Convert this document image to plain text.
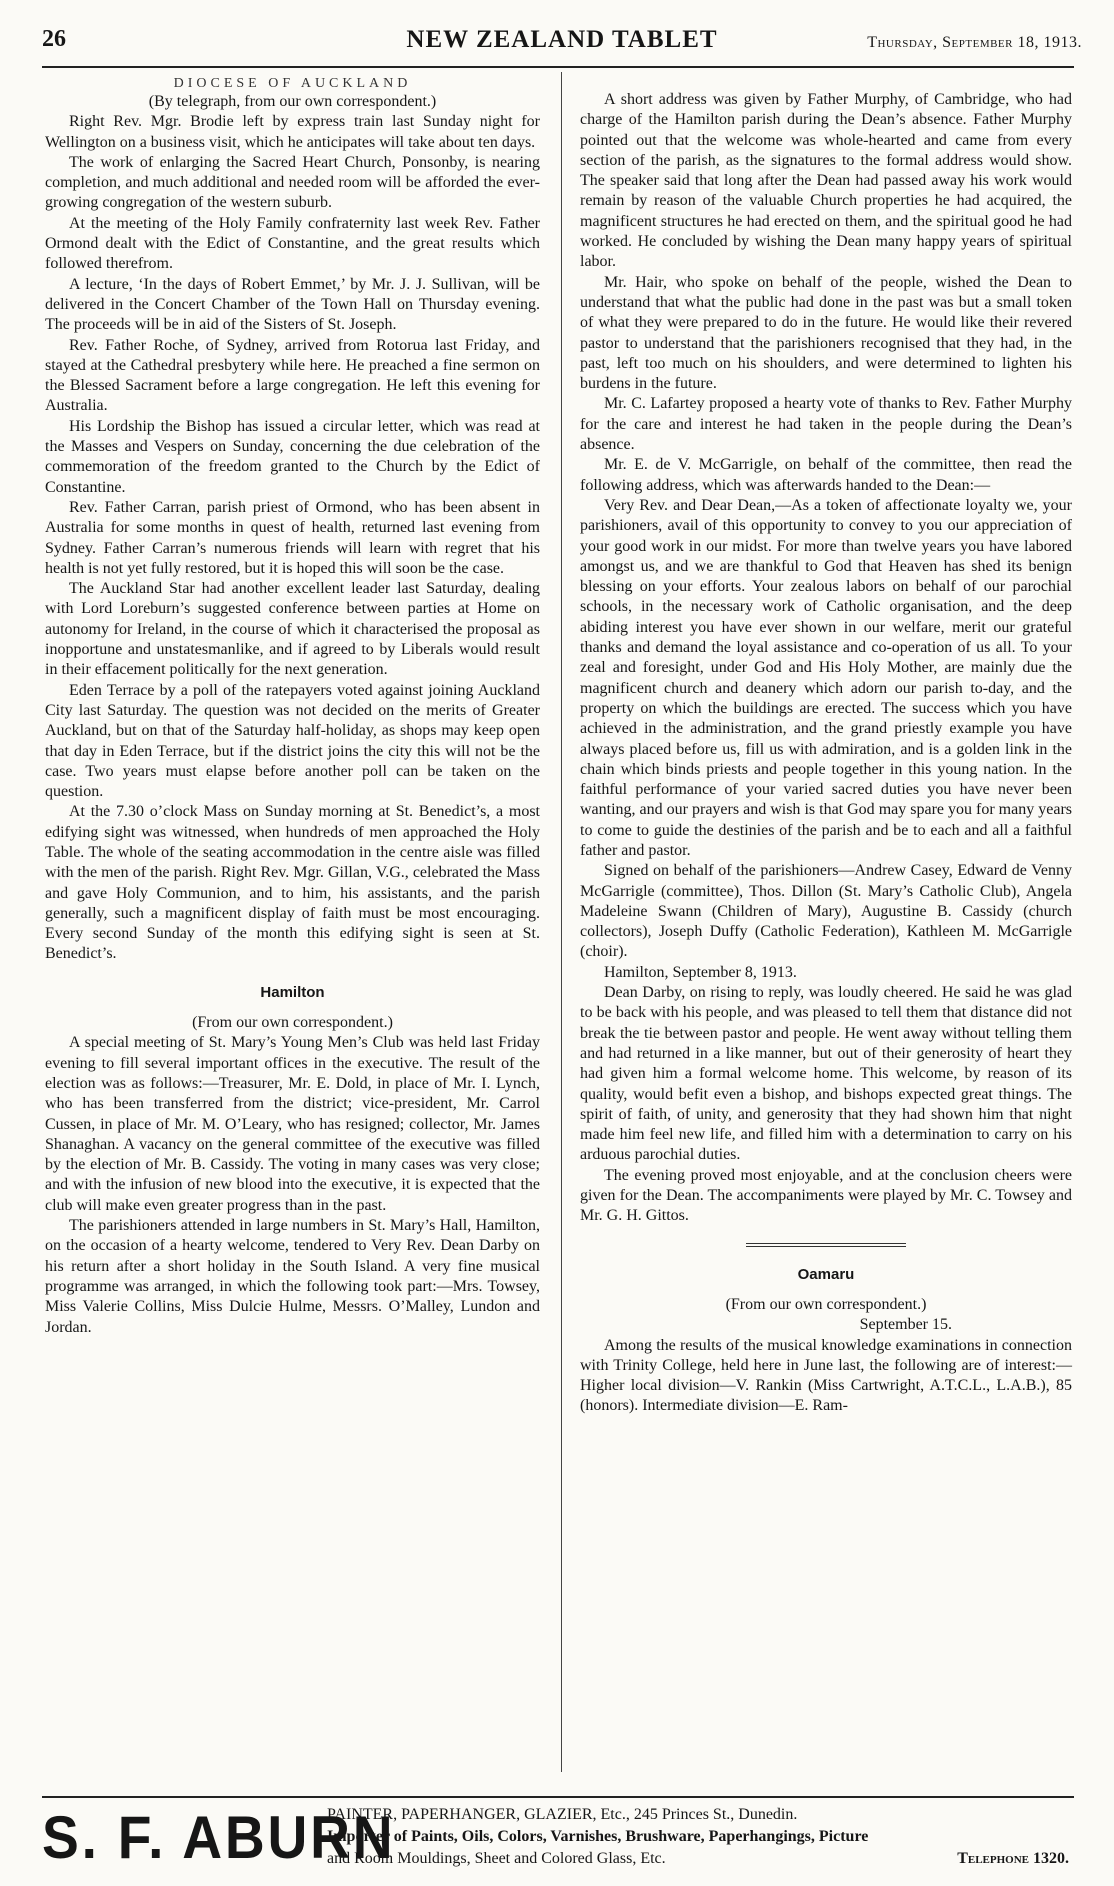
26	NEW ZEALAND TABLET	Thursday, September 18, 1913.
DIOCESE OF AUCKLAND

(By telegraph, from our own correspondent.)

Right Rev. Mgr. Brodie left by express train last Sunday night for Wellington on a business visit, which he anticipates will take about ten days.

The work of enlarging the Sacred Heart Church, Ponsonby, is nearing completion, and much additional and needed room will be afforded the ever-growing congregation of the western suburb.

At the meeting of the Holy Family confraternity last week Rev. Father Ormond dealt with the Edict of Constantine, and the great results which followed therefrom.

A lecture, ‘In the days of Robert Emmet,’ by Mr. J. J. Sullivan, will be delivered in the Concert Chamber of the Town Hall on Thursday evening. The proceeds will be in aid of the Sisters of St. Joseph.

Rev. Father Roche, of Sydney, arrived from Rotorua last Friday, and stayed at the Cathedral presbytery while here. He preached a fine sermon on the Blessed Sacrament before a large congregation. He left this evening for Australia.

His Lordship the Bishop has issued a circular letter, which was read at the Masses and Vespers on Sunday, concerning the due celebration of the commemoration of the freedom granted to the Church by the Edict of Constantine.

Rev. Father Carran, parish priest of Ormond, who has been absent in Australia for some months in quest of health, returned last evening from Sydney. Father Carran’s numerous friends will learn with regret that his health is not yet fully restored, but it is hoped this will soon be the case.

The Auckland Star had another excellent leader last Saturday, dealing with Lord Loreburn’s suggested conference between parties at Home on autonomy for Ireland, in the course of which it characterised the proposal as inopportune and unstatesmanlike, and if agreed to by Liberals would result in their effacement politically for the next generation.

Eden Terrace by a poll of the ratepayers voted against joining Auckland City last Saturday. The question was not decided on the merits of Greater Auckland, but on that of the Saturday half-holiday, as shops may keep open that day in Eden Terrace, but if the district joins the city this will not be the case. Two years must elapse before another poll can be taken on the question.

At the 7.30 o’clock Mass on Sunday morning at St. Benedict’s, a most edifying sight was witnessed, when hundreds of men approached the Holy Table. The whole of the seating accommodation in the centre aisle was filled with the men of the parish. Right Rev. Mgr. Gillan, V.G., celebrated the Mass and gave Holy Communion, and to him, his assistants, and the parish generally, such a magnificent display of faith must be most encouraging. Every second Sunday of the month this edifying sight is seen at St. Benedict’s.

Hamilton

(From our own correspondent.)

A special meeting of St. Mary’s Young Men’s Club was held last Friday evening to fill several important offices in the executive. The result of the election was as follows:—Treasurer, Mr. E. Dold, in place of Mr. I. Lynch, who has been transferred from the district; vice-president, Mr. Carrol Cussen, in place of Mr. M. O’Leary, who has resigned; collector, Mr. James Shanaghan. A vacancy on the general committee of the executive was filled by the election of Mr. B. Cassidy. The voting in many cases was very close; and with the infusion of new blood into the executive, it is expected that the club will make even greater progress than in the past.

The parishioners attended in large numbers in St. Mary’s Hall, Hamilton, on the occasion of a hearty welcome, tendered to Very Rev. Dean Darby on his return after a short holiday in the South Island. A very fine musical programme was arranged, in which the following took part:—Mrs. Towsey, Miss Valerie Collins, Miss Dulcie Hulme, Messrs. O’Malley, Lundon and Jordan.

A short address was given by Father Murphy, of Cambridge, who had charge of the Hamilton parish during the Dean’s absence. Father Murphy pointed out that the welcome was whole-hearted and came from every section of the parish, as the signatures to the formal address would show. The speaker said that long after the Dean had passed away his work would remain by reason of the valuable Church properties he had acquired, the magnificent structures he had erected on them, and the spiritual good he had worked. He concluded by wishing the Dean many happy years of spiritual labor.

Mr. Hair, who spoke on behalf of the people, wished the Dean to understand that what the public had done in the past was but a small token of what they were prepared to do in the future. He would like their revered pastor to understand that the parishioners recognised that they had, in the past, left too much on his shoulders, and were determined to lighten his burdens in the future.

Mr. C. Lafartey proposed a hearty vote of thanks to Rev. Father Murphy for the care and interest he had taken in the people during the Dean’s absence.

Mr. E. de V. McGarrigle, on behalf of the committee, then read the following address, which was afterwards handed to the Dean:—

Very Rev. and Dear Dean,—As a token of affectionate loyalty we, your parishioners, avail of this opportunity to convey to you our appreciation of your good work in our midst. For more than twelve years you have labored amongst us, and we are thankful to God that Heaven has shed its benign blessing on your efforts. Your zealous labors on behalf of our parochial schools, in the necessary work of Catholic organisation, and the deep abiding interest you have ever shown in our welfare, merit our grateful thanks and demand the loyal assistance and co-operation of us all. To your zeal and foresight, under God and His Holy Mother, are mainly due the magnificent church and deanery which adorn our parish to-day, and the property on which the buildings are erected. The success which you have achieved in the administration, and the grand priestly example you have always placed before us, fill us with admiration, and is a golden link in the chain which binds priests and people together in this young nation. In the faithful performance of your varied sacred duties you have never been wanting, and our prayers and wish is that God may spare you for many years to come to guide the destinies of the parish and be to each and all a faithful father and pastor.

Signed on behalf of the parishioners—Andrew Casey, Edward de Venny McGarrigle (committee), Thos. Dillon (St. Mary’s Catholic Club), Angela Madeleine Swann (Children of Mary), Augustine B. Cassidy (church collectors), Joseph Duffy (Catholic Federation), Kathleen M. McGarrigle (choir).

Hamilton, September 8, 1913.

Dean Darby, on rising to reply, was loudly cheered. He said he was glad to be back with his people, and was pleased to tell them that distance did not break the tie between pastor and people. He went away without telling them and had returned in a like manner, but out of their generosity of heart they had given him a formal welcome home. This welcome, by reason of its quality, would befit even a bishop, and bishops expected great things. The spirit of faith, of unity, and generosity that they had shown him that night made him feel new life, and filled him with a determination to carry on his arduous parochial duties.

The evening proved most enjoyable, and at the conclusion cheers were given for the Dean. The accompaniments were played by Mr. C. Towsey and Mr. G. H. Gittos.

Oamaru

(From our own correspondent.)

September 15.

Among the results of the musical knowledge examinations in connection with Trinity College, held here in June last, the following are of interest:—Higher local division—V. Rankin (Miss Cartwright, A.T.C.L., L.A.B.), 85 (honors). Intermediate division—E. Ram-

S. F. ABURN
PAINTER, PAPERHANGER, GLAZIER, Etc., 245 Princes St., Dunedin.
Importer of Paints, Oils, Colors, Varnishes, Brushware, Paperhangings, Picture
and Room Mouldings, Sheet and Colored Glass, Etc.	Telephone 1320.
